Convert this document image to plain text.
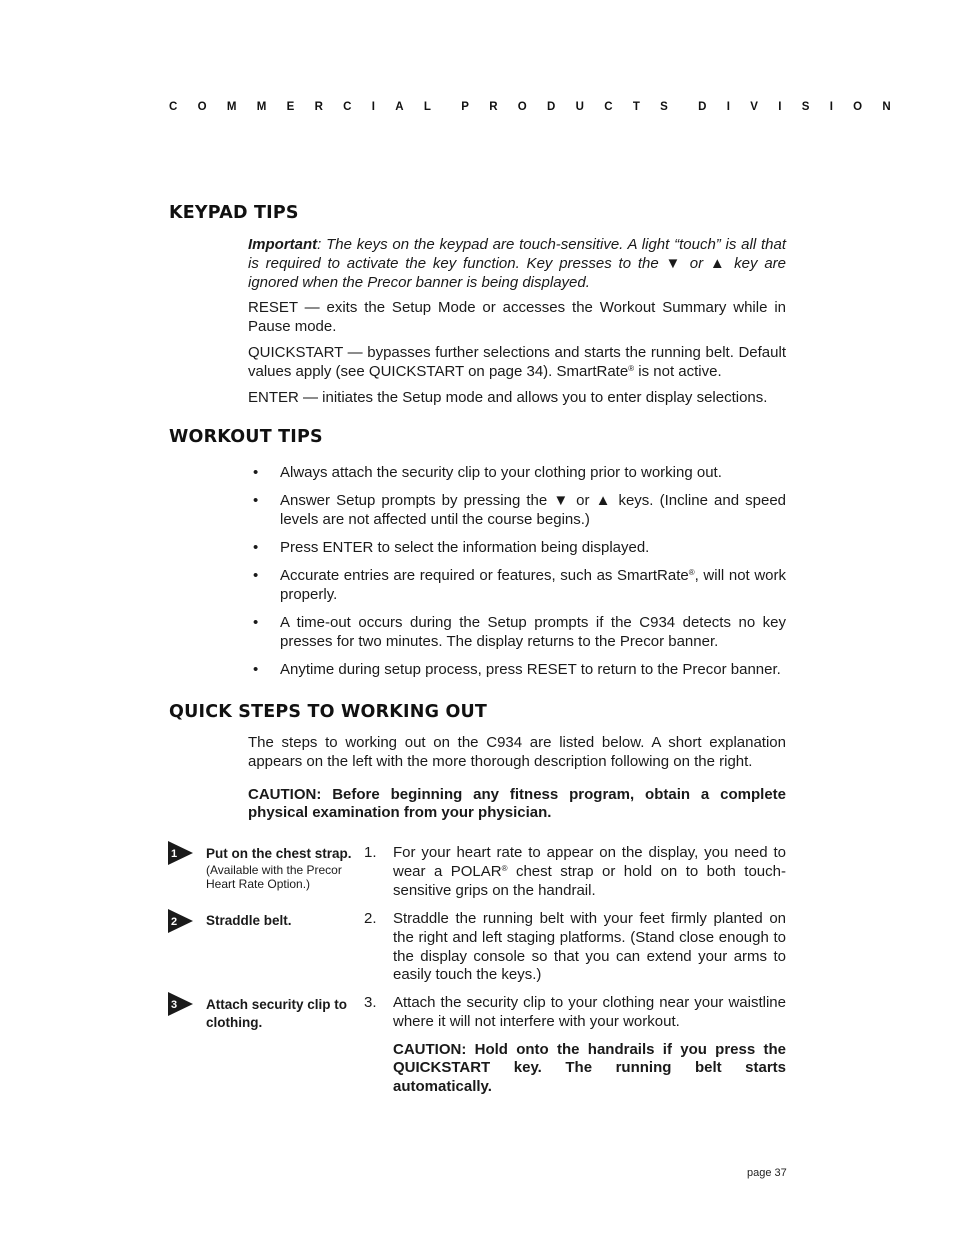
COMMERCIAL PRODUCTS DIVISION
KEYPAD TIPS

Important: The keys on the keypad are touch-sensitive. A light “touch” is all that is required to activate the key function. Key presses to the ▼ or ▲ key are ignored when the Precor banner is being displayed.

RESET — exits the Setup Mode or accesses the Workout Summary while in Pause mode.

QUICKSTART — bypasses further selections and starts the running belt. Default values apply (see QUICKSTART on page 34). SmartRate® is not active.

ENTER — initiates the Setup mode and allows you to enter display selections.

WORKOUT TIPS
• Always attach the security clip to your clothing prior to working out.
• Answer Setup prompts by pressing the ▼ or ▲ keys. (Incline and speed levels are not affected until the course begins.)
• Press ENTER to select the information being displayed.
• Accurate entries are required or features, such as SmartRate®, will not work properly.
• A time-out occurs during the Setup prompts if the C934 detects no key presses for two minutes. The display returns to the Precor banner.
• Anytime during setup process, press RESET to return to the Precor banner.
QUICK STEPS TO WORKING OUT

The steps to working out on the C934 are listed below. A short explanation appears on the left with the more thorough description following on the right.

CAUTION: Before beginning any fitness program, obtain a complete physical examination from your physician.

1 Put on the chest strap.
(Available with the Precor Heart Rate Option.)
1. For your heart rate to appear on the display, you need to wear a POLAR® chest strap or hold on to both touch-sensitive grips on the handrail.
2 Straddle belt.	2. Straddle the running belt with your feet firmly planted on the right and left staging platforms. (Stand close enough to the display console so that you can extend your arms to easily touch the keys.)
3 Attach security clip to clothing.
3. Attach the security clip to your clothing near your waistline where it will not interfere with your workout.

CAUTION: Hold onto the handrails if you press the QUICKSTART key. The running belt starts automatically.

page 37
